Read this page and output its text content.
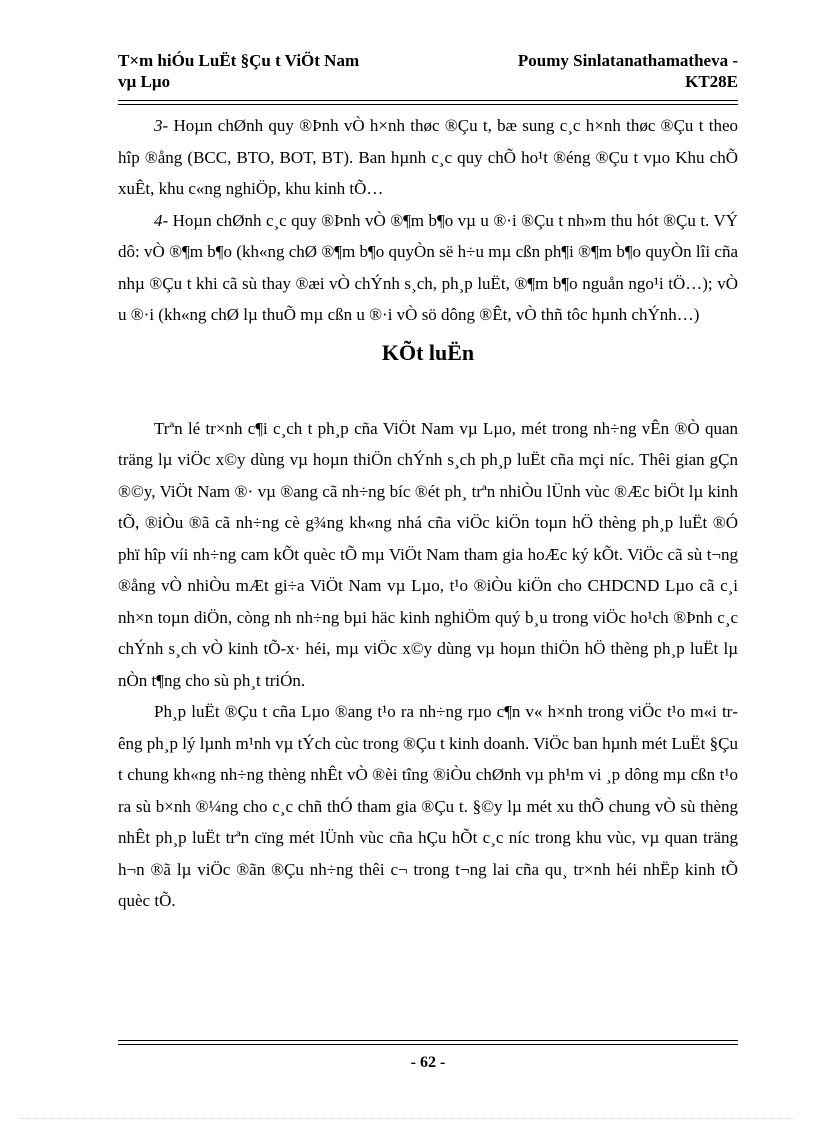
T×m hiÓu LuËt §Çu t ViÖt Nam
vµ Lµo
Poumy Sinlatanathamatheva -
KT28E

3- Hoµn chØnh quy ®Þnh vÒ h×nh thøc ®Çu t, bæ sung c¸c h×nh thøc ®Çu t theo hîp ®ång (BCC, BTO, BOT, BT). Ban hµnh c¸c quy chÕ ho¹t ®éng ®Çu t vµo Khu chÕ xuÊt, khu c«ng nghiÖp, khu kinh tÕ…

4- Hoµn chØnh c¸c quy ®Þnh vÒ ®¶m b¶o vµ u ®·i ®Çu t nh»m thu hót ®Çu t. VÝ dô: vÒ ®¶m b¶o (kh«ng chØ ®¶m b¶o quyÒn së h÷u mµ cßn ph¶i ®¶m b¶o quyÒn lîi cña nhµ ®Çu t khi cã sù thay ®æi vÒ chÝnh s¸ch, ph¸p luËt, ®¶m b¶o nguån ngo¹i tÖ…); vÒ u ®·i (kh«ng chØ lµ thuÕ mµ cßn u ®·i vÒ sö dông ®Êt, vÒ thñ tôc hµnh chÝnh…)

KÕt luËn

Trªn lé tr×nh c¶i c¸ch t ph¸p cña ViÖt Nam vµ Lµo, mét trong nh÷ng vÊn ®Ò quan träng lµ viÖc x©y dùng vµ hoµn thiÖn chÝnh s¸ch ph¸p luËt cña mçi níc. Thêi gian gÇn ®©y, ViÖt Nam ®· vµ ®ang cã nh÷ng bíc ®ét ph¸ trªn nhiÒu lÜnh vùc ®Æc biÖt lµ kinh tÕ, ®iÒu ®ã cã nh÷ng cè g¾ng kh«ng nhá cña viÖc kiÖn toµn hÖ thèng ph¸p luËt ®Ó phï hîp víi nh÷ng cam kÕt quèc tÕ mµ ViÖt Nam tham gia hoÆc ký kÕt. ViÖc cã sù t¬ng ®ång vÒ nhiÒu mÆt gi÷a ViÖt Nam vµ Lµo, t¹o ®iÒu kiÖn cho CHDCND Lµo cã c¸i nh×n toµn diÖn, còng nh nh÷ng bµi häc kinh nghiÖm quý b¸u trong viÖc ho¹ch ®Þnh c¸c chÝnh s¸ch vÒ kinh tÕ-x· héi, mµ viÖc x©y dùng vµ hoµn thiÖn hÖ thèng ph¸p luËt lµ nÒn t¶ng cho sù ph¸t triÓn.

Ph¸p luËt ®Çu t cña Lµo ®ang t¹o ra nh÷ng rµo c¶n v« h×nh trong viÖc t¹o m«i trêng ph¸p lý lµnh m¹nh vµ tÝch cùc trong ®Çu t kinh doanh. ViÖc ban hµnh mét LuËt §Çu t chung kh«ng nh÷ng thèng nhÊt vÒ ®èi tîng ®iÒu chØnh vµ ph¹m vi ¸p dông mµ cßn t¹o ra sù b×nh ®¼ng cho c¸c chñ thÓ tham gia ®Çu t. §©y lµ mét xu thÕ chung vÒ sù thèng nhÊt ph¸p luËt trªn cïng mét lÜnh vùc cña hÇu hÕt c¸c níc trong khu vùc, vµ quan träng h¬n ®ã lµ viÖc ®ãn ®Çu nh÷ng thêi c¬ trong t¬ng lai cña qu¸ tr×nh héi nhËp kinh tÕ quèc tÕ.

- 62 -
